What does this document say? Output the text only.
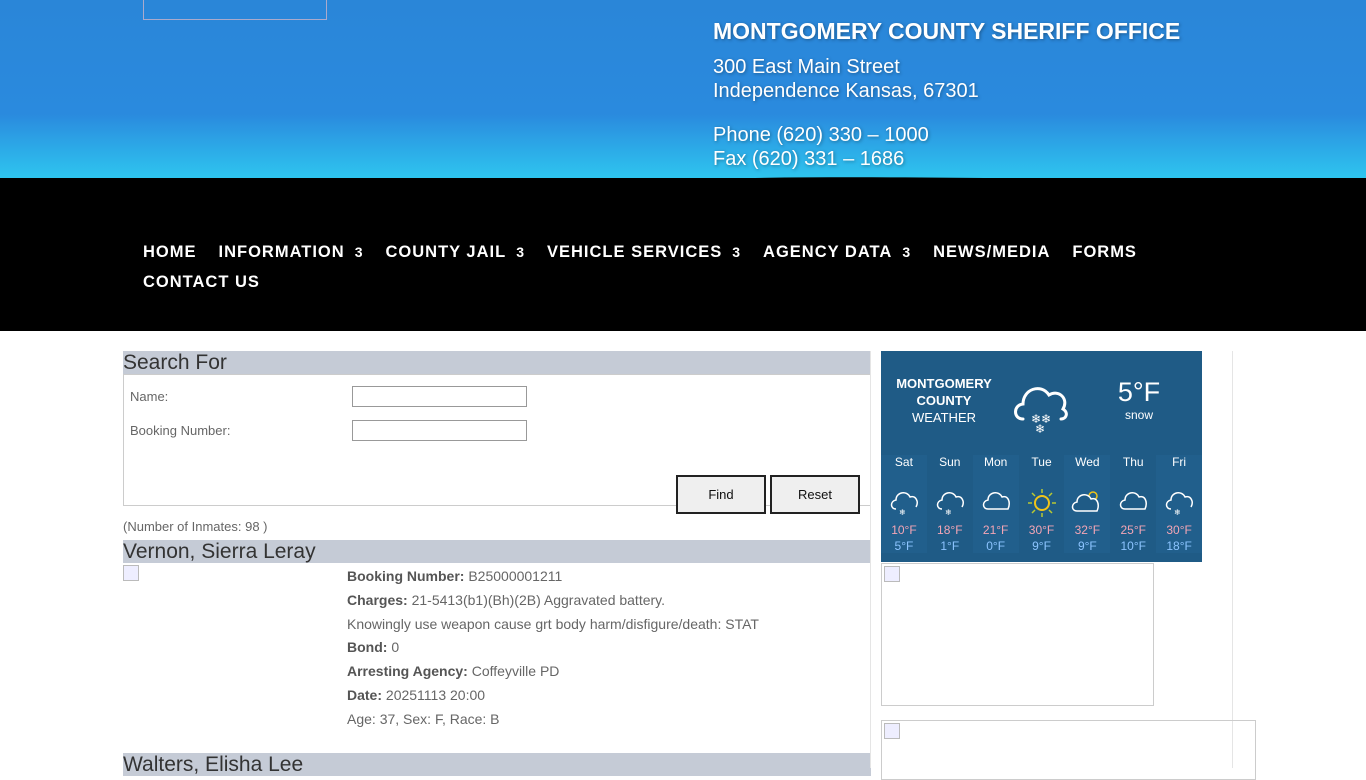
MONTGOMERY COUNTY SHERIFF OFFICE

300 East Main Street

Independence Kansas, 67301

Phone (620) 330 – 1000

Fax (620) 331 – 1686

HOME INFORMATION 3 COUNTY JAIL 3 VEHICLE SERVICES 3 AGENCY DATA 3 NEWS/MEDIA FORMS
CONTACT US
Search For
Name:
Booking Number:
Find	Reset
(Number of Inmates: 98 )
Vernon, Sierra Leray
Booking Number: B25000001211
Charges: 21-5413(b1)(Bh)(2B) Aggravated battery.
Knowingly use weapon cause grt body harm/disfigure/death: STAT
Bond: 0
Arresting Agency: Coffeyville PD
Date: 20251113 20:00
Age: 37, Sex: F, Race: B
Walters, Elisha Lee
MONTGOMERY
COUNTY
WEATHER	❄❄
❄
5°F
snow
Sat
❄
10°F
5°F
Sun
❄
18°F
1°F
Mon
21°F
0°F
Tue
30°F
9°F
Wed
32°F
9°F
Thu
25°F
10°F
Fri
❄
30°F
18°F
